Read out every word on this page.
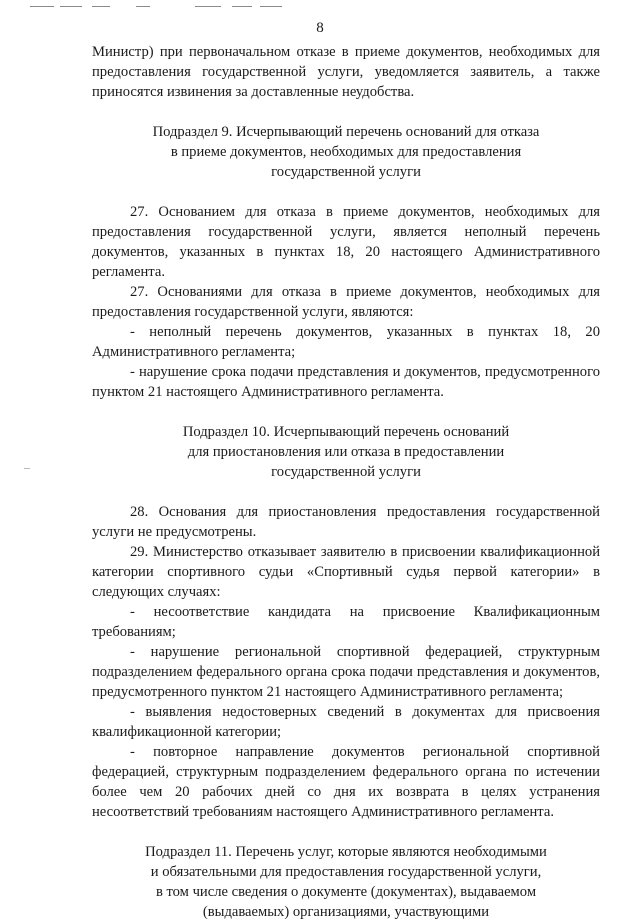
8

Министр) при первоначальном отказе в приеме документов, необходимых для предоставления государственной услуги, уведомляется заявитель, а также приносятся извинения за доставленные неудобства.

Подраздел 9. Исчерпывающий перечень оснований для отказа
в приеме документов, необходимых для предоставления
государственной услуги

27. Основанием для отказа в приеме документов, необходимых для предоставления государственной услуги, является неполный перечень документов, указанных в пунктах 18, 20 настоящего Административного регламента.

27. Основаниями для отказа в приеме документов, необходимых для предоставления государственной услуги, являются:

- неполный перечень документов, указанных в пунктах 18, 20 Административного регламента;

- нарушение срока подачи представления и документов, предусмотренного пунктом 21 настоящего Административного регламента.

Подраздел 10. Исчерпывающий перечень оснований
для приостановления или отказа в предоставлении
государственной услуги

28. Основания для приостановления предоставления государственной услуги не предусмотрены.

29. Министерство отказывает заявителю в присвоении квалификационной категории спортивного судьи «Спортивный судья первой категории» в следующих случаях:

- несоответствие кандидата на присвоение Квалификационным требованиям;

- нарушение региональной спортивной федерацией, структурным подразделением федерального органа срока подачи представления и документов, предусмотренного пунктом 21 настоящего Административного регламента;

- выявления недостоверных сведений в документах для присвоения квалификационной категории;

- повторное направление документов региональной спортивной федерацией, структурным подразделением федерального органа по истечении более чем 20 рабочих дней со дня их возврата в целях устранения несоответствий требованиям настоящего Административного регламента.

Подраздел 11. Перечень услуг, которые являются необходимыми
и обязательными для предоставления государственной услуги,
в том числе сведения о документе (документах), выдаваемом
(выдаваемых) организациями, участвующими
